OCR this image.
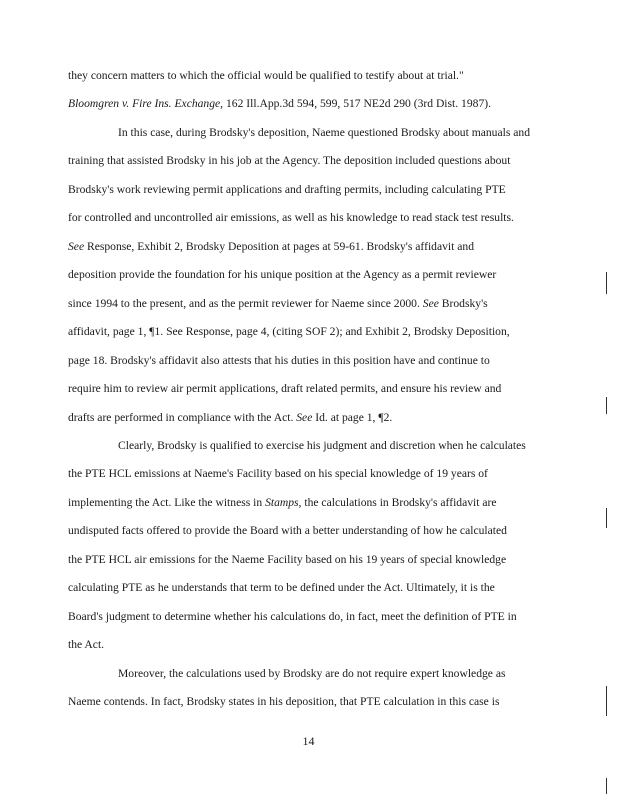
they concern matters to which the official would be qualified to testify about at trial."
Bloomgren v. Fire Ins. Exchange, 162 Ill.App.3d 594, 599, 517 NE2d 290 (3rd Dist. 1987).
In this case, during Brodsky's deposition, Naeme questioned Brodsky about manuals and
training that assisted Brodsky in his job at the Agency. The deposition included questions about
Brodsky's work reviewing permit applications and drafting permits, including calculating PTE
for controlled and uncontrolled air emissions, as well as his knowledge to read stack test results.
See Response, Exhibit 2, Brodsky Deposition at pages at 59-61. Brodsky's affidavit and
deposition provide the foundation for his unique position at the Agency as a permit reviewer
since 1994 to the present, and as the permit reviewer for Naeme since 2000. See Brodsky's
affidavit, page 1, ¶1. See Response, page 4, (citing SOF 2); and Exhibit 2, Brodsky Deposition,
page 18. Brodsky's affidavit also attests that his duties in this position have and continue to
require him to review air permit applications, draft related permits, and ensure his review and
drafts are performed in compliance with the Act. See Id. at page 1, ¶2.
Clearly, Brodsky is qualified to exercise his judgment and discretion when he calculates
the PTE HCL emissions at Naeme's Facility based on his special knowledge of 19 years of
implementing the Act. Like the witness in Stamps, the calculations in Brodsky's affidavit are
undisputed facts offered to provide the Board with a better understanding of how he calculated
the PTE HCL air emissions for the Naeme Facility based on his 19 years of special knowledge
calculating PTE as he understands that term to be defined under the Act. Ultimately, it is the
Board's judgment to determine whether his calculations do, in fact, meet the definition of PTE in
the Act.
Moreover, the calculations used by Brodsky are do not require expert knowledge as
Naeme contends. In fact, Brodsky states in his deposition, that PTE calculation in this case is
14
